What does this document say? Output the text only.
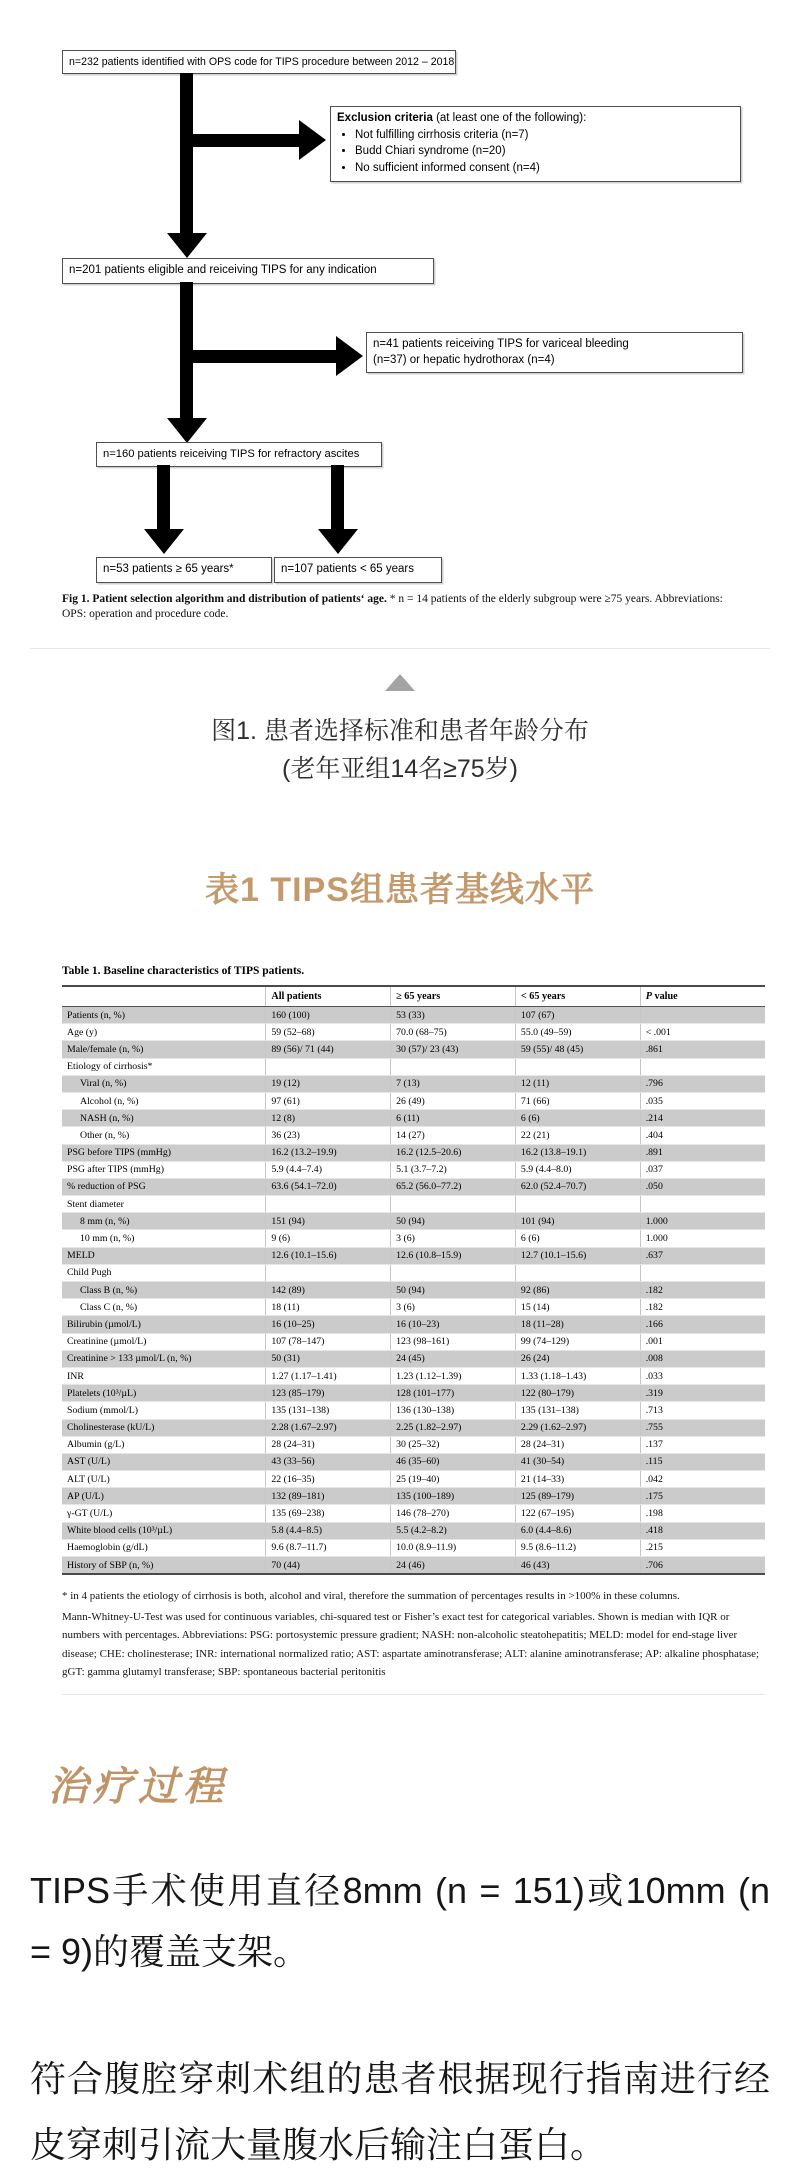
n=232 patients identified with OPS code for TIPS procedure between 2012 – 2018
Exclusion criteria (at least one of the following):
• Not fulfilling cirrhosis criteria (n=7)
• Budd Chiari syndrome (n=20)
• No sufficient informed consent (n=4)
n=201 patients eligible and reiceiving TIPS for any indication
n=41 patients reiceiving TIPS for variceal bleeding
(n=37) or hepatic hydrothorax (n=4)
n=160 patients reiceiving TIPS for refractory ascites
n=53 patients ≥ 65 years*	n=107 patients < 65 years
Fig 1. Patient selection algorithm and distribution of patients‘ age. * n = 14 patients of the elderly subgroup were ≥75 years. Abbreviations: OPS: operation and procedure code.
图1. 患者选择标准和患者年龄分布
(老年亚组14名≥75岁)
表1 TIPS组患者基线水平
Table 1. Baseline characteristics of TIPS patients.
	All patients	≥ 65 years	< 65 years	P value
Patients (n, %)	160 (100)	53 (33)	107 (67)	
Age (y)	59 (52–68)	70.0 (68–75)	55.0 (49–59)	< .001
Male/female (n, %)	89 (56)/ 71 (44)	30 (57)/ 23 (43)	59 (55)/ 48 (45)	.861
Etiology of cirrhosis*				
Viral (n, %)	19 (12)	7 (13)	12 (11)	.796
Alcohol (n, %)	97 (61)	26 (49)	71 (66)	.035
NASH (n, %)	12 (8)	6 (11)	6 (6)	.214
Other (n, %)	36 (23)	14 (27)	22 (21)	.404
PSG before TIPS (mmHg)	16.2 (13.2–19.9)	16.2 (12.5–20.6)	16.2 (13.8–19.1)	.891
PSG after TIPS (mmHg)	5.9 (4.4–7.4)	5.1 (3.7–7.2)	5.9 (4.4–8.0)	.037
% reduction of PSG	63.6 (54.1–72.0)	65.2 (56.0–77.2)	62.0 (52.4–70.7)	.050
Stent diameter				
8 mm (n, %)	151 (94)	50 (94)	101 (94)	1.000
10 mm (n, %)	9 (6)	3 (6)	6 (6)	1.000
MELD	12.6 (10.1–15.6)	12.6 (10.8–15.9)	12.7 (10.1–15.6)	.637
Child Pugh				
Class B (n, %)	142 (89)	50 (94)	92 (86)	.182
Class C (n, %)	18 (11)	3 (6)	15 (14)	.182
Bilirubin (µmol/L)	16 (10–25)	16 (10–23)	18 (11–28)	.166
Creatinine (µmol/L)	107 (78–147)	123 (98–161)	99 (74–129)	.001
Creatinine > 133 µmol/L (n, %)	50 (31)	24 (45)	26 (24)	.008
INR	1.27 (1.17–1.41)	1.23 (1.12–1.39)	1.33 (1.18–1.43)	.033
Platelets (10³/µL)	123 (85–179)	128 (101–177)	122 (80–179)	.319
Sodium (mmol/L)	135 (131–138)	136 (130–138)	135 (131–138)	.713
Cholinesterase (kU/L)	2.28 (1.67–2.97)	2.25 (1.82–2.97)	2.29 (1.62–2.97)	.755
Albumin (g/L)	28 (24–31)	30 (25–32)	28 (24–31)	.137
AST (U/L)	43 (33–56)	46 (35–60)	41 (30–54)	.115
ALT (U/L)	22 (16–35)	25 (19–40)	21 (14–33)	.042
AP (U/L)	132 (89–181)	135 (100–189)	125 (89–179)	.175
γ-GT (U/L)	135 (69–238)	146 (78–270)	122 (67–195)	.198
White blood cells (10³/µL)	5.8 (4.4–8.5)	5.5 (4.2–8.2)	6.0 (4.4–8.6)	.418
Haemoglobin (g/dL)	9.6 (8.7–11.7)	10.0 (8.9–11.9)	9.5 (8.6–11.2)	.215
History of SBP (n, %)	70 (44)	24 (46)	46 (43)	.706

* in 4 patients the etiology of cirrhosis is both, alcohol and viral, therefore the summation of percentages results in >100% in these columns.

Mann-Whitney-U-Test was used for continuous variables, chi-squared test or Fisher’s exact test for categorical variables. Shown is median with IQR or numbers with percentages. Abbreviations: PSG: portosystemic pressure gradient; NASH: non-alcoholic steatohepatitis; MELD: model for end-stage liver disease; CHE: cholinesterase; INR: international normalized ratio; AST: aspartate aminotransferase; ALT: alanine aminotransferase; AP: alkaline phosphatase; gGT: gamma glutamyl transferase; SBP: spontaneous bacterial peritonitis

治疗过程

TIPS手术使用直径8mm (n = 151)或10mm (n = 9)的覆盖支架。

符合腹腔穿刺术组的患者根据现行指南进行经皮穿刺引流大量腹水后输注白蛋白。
